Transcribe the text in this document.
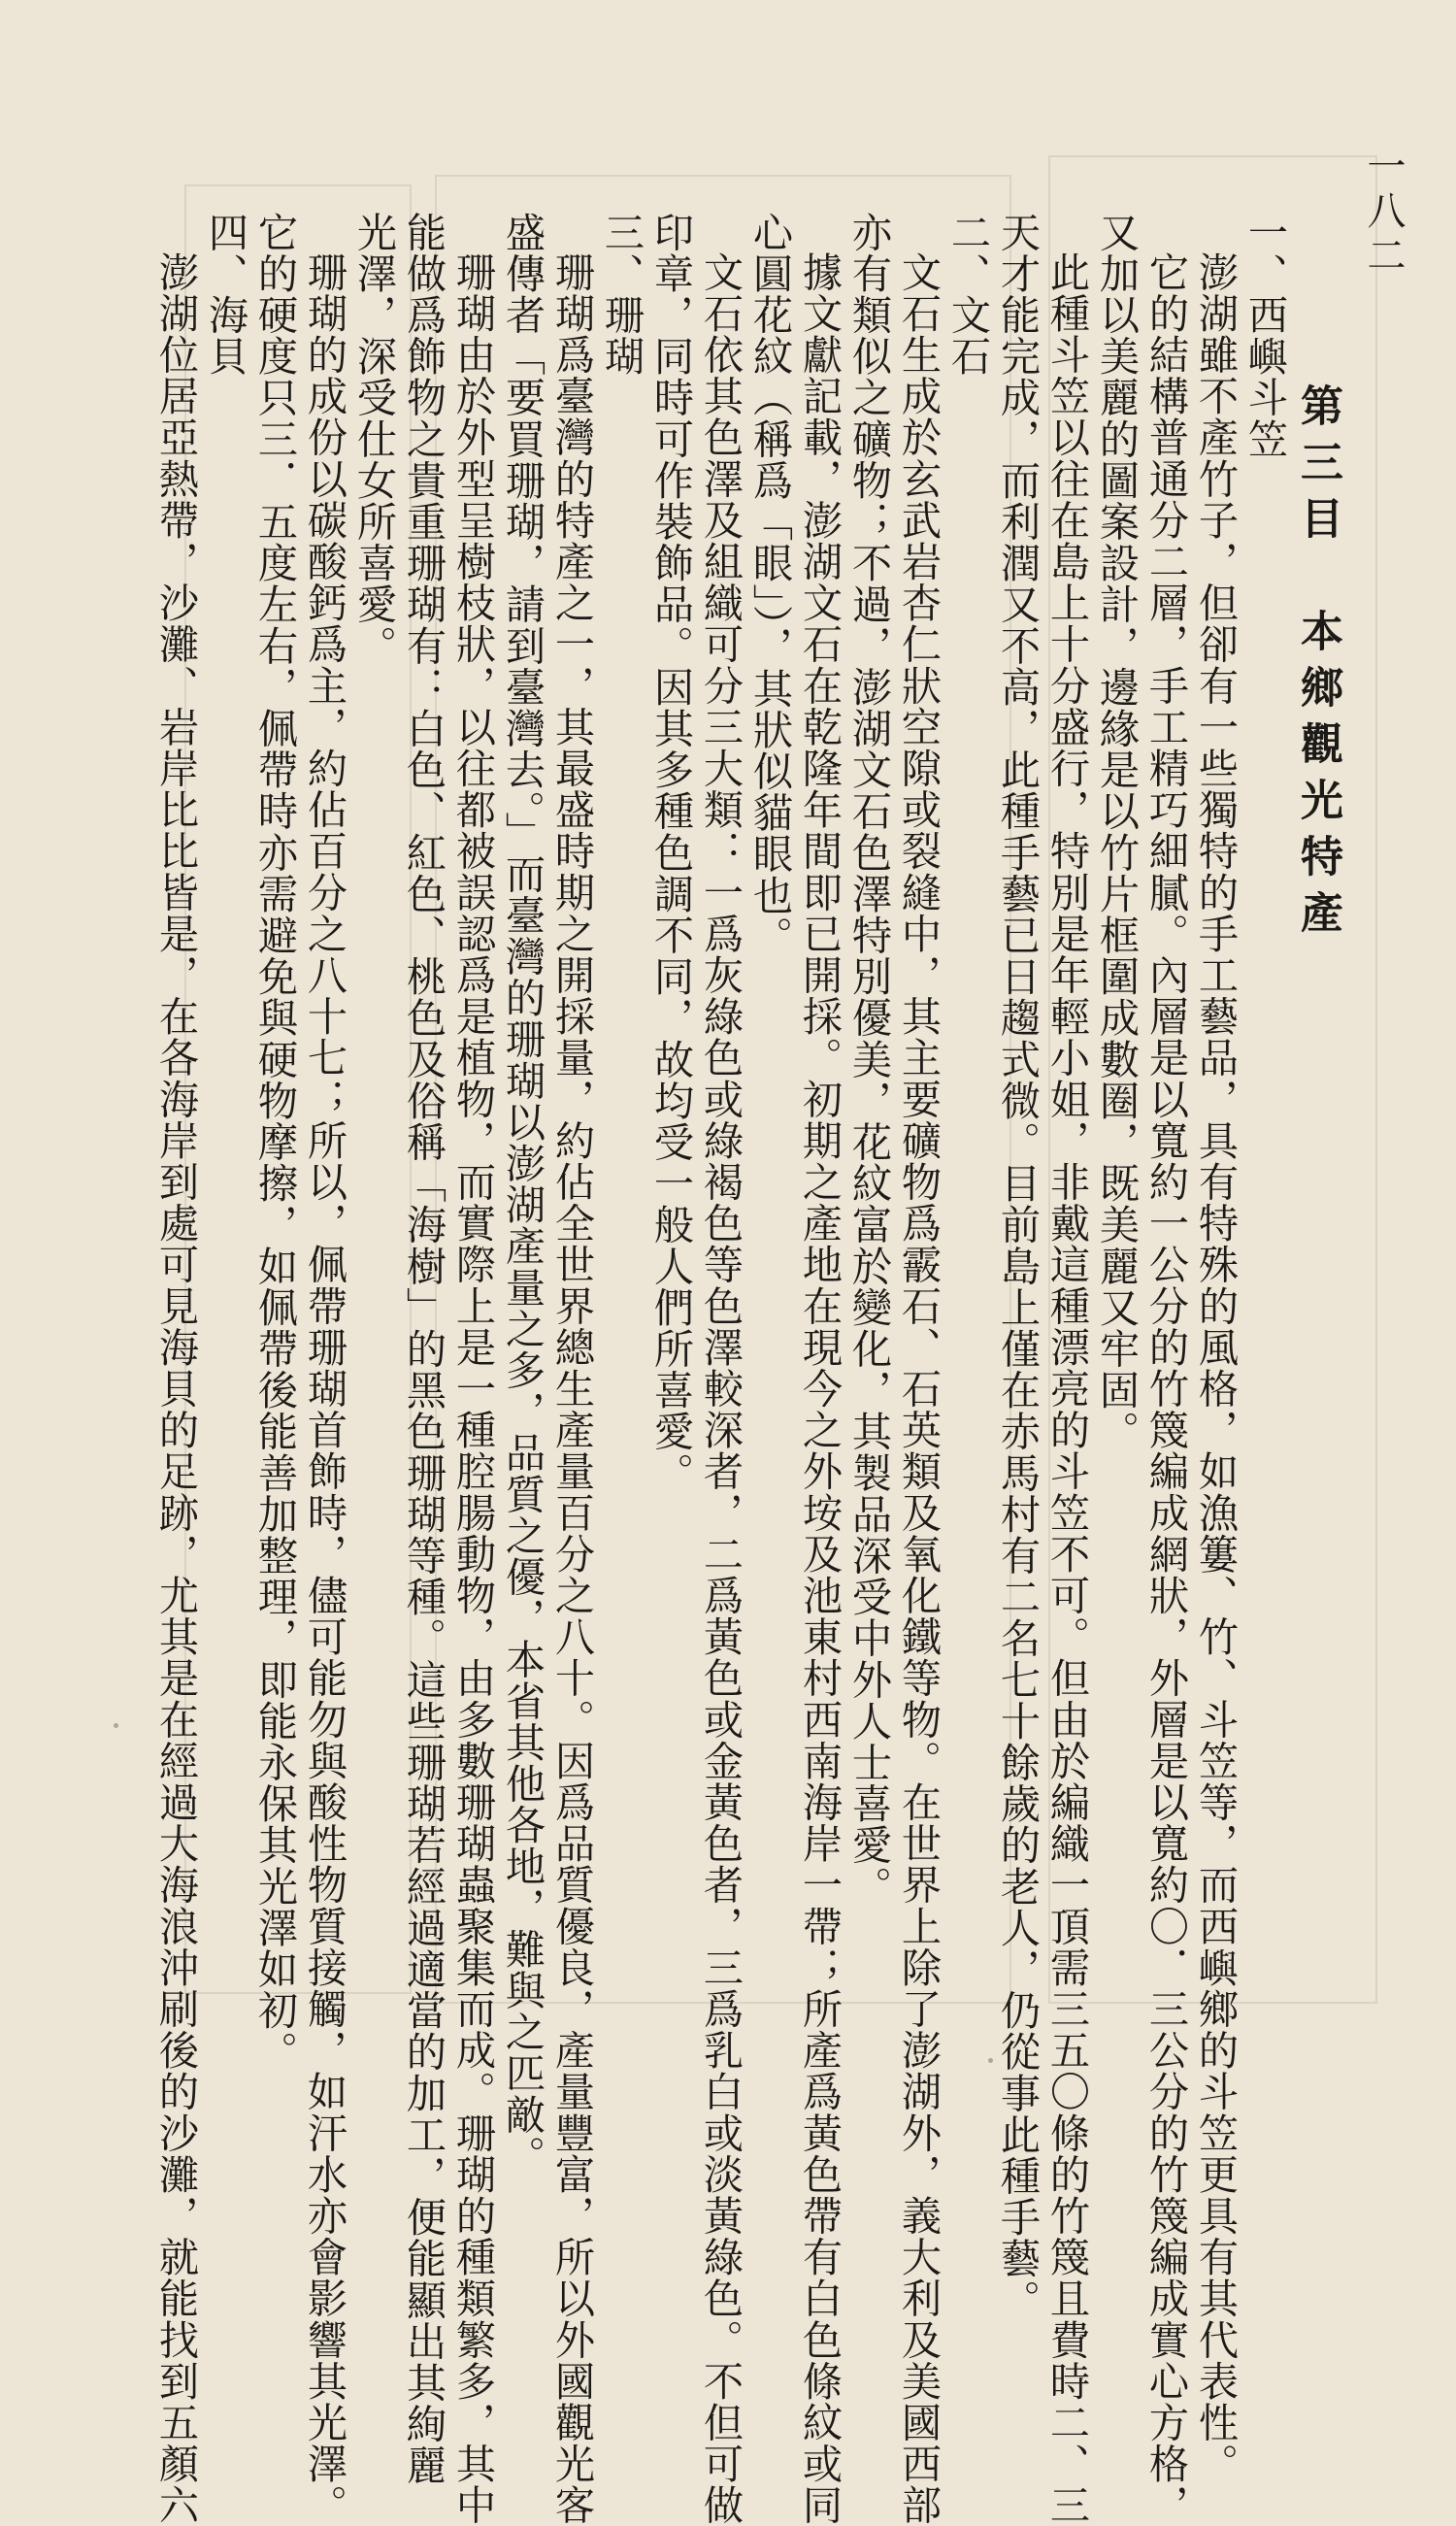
一八二
第三目　本鄉觀光特產
一、西嶼斗笠
澎湖雖不產竹子，但卻有一些獨特的手工藝品，具有特殊的風格，如漁簍、竹、斗笠等，而西嶼鄉的斗笠更具有其代表性。
它的結構普通分二層，手工精巧細膩。內層是以寬約一公分的竹篾編成網狀，外層是以寬約〇．三公分的竹篾編成實心方格，
又加以美麗的圖案設計，邊緣是以竹片框圍成數圈，既美麗又牢固。
此種斗笠以往在島上十分盛行，特別是年輕小姐，非戴這種漂亮的斗笠不可。但由於編織一頂需三五〇條的竹篾且費時二、三
天才能完成，而利潤又不高，此種手藝已日趨式微。目前島上僅在赤馬村有二名七十餘歲的老人，仍從事此種手藝。
二、文石
文石生成於玄武岩杏仁狀空隙或裂縫中，其主要礦物爲霰石、石英類及氧化鐵等物。在世界上除了澎湖外，義大利及美國西部
亦有類似之礦物；不過，澎湖文石色澤特別優美，花紋富於變化，其製品深受中外人士喜愛。
據文獻記載，澎湖文石在乾隆年間即已開採。初期之產地在現今之外垵及池東村西南海岸一帶；所產爲黃色帶有白色條紋或同
心圓花紋（稱爲「眼」），其狀似貓眼也。
文石依其色澤及組織可分三大類：一爲灰綠色或綠褐色等色澤較深者，二爲黃色或金黃色者，三爲乳白或淡黃綠色。不但可做
印章，同時可作裝飾品。因其多種色調不同，故均受一般人們所喜愛。
三、珊瑚
珊瑚爲臺灣的特產之一，其最盛時期之開採量，約佔全世界總生產量百分之八十。因爲品質優良，產量豐富，所以外國觀光客
盛傳者「要買珊瑚，請到臺灣去。」而臺灣的珊瑚以澎湖產量之多，品質之優，本省其他各地，難與之匹敵。
珊瑚由於外型呈樹枝狀，以往都被誤認爲是植物，而實際上是一種腔腸動物，由多數珊瑚蟲聚集而成。珊瑚的種類繁多，其中
能做爲飾物之貴重珊瑚有：白色、紅色、桃色及俗稱「海樹」的黑色珊瑚等種。這些珊瑚若經過適當的加工，便能顯出其絢麗
光澤，深受仕女所喜愛。
珊瑚的成份以碳酸鈣爲主，約佔百分之八十七；所以，佩帶珊瑚首飾時，儘可能勿與酸性物質接觸，如汗水亦會影響其光澤。
它的硬度只三．五度左右，佩帶時亦需避免與硬物摩擦，如佩帶後能善加整理，即能永保其光澤如初。
四、海貝
澎湖位居亞熱帶，沙灘、岩岸比比皆是，在各海岸到處可見海貝的足跡，尤其是在經過大海浪沖刷後的沙灘，就能找到五顏六
